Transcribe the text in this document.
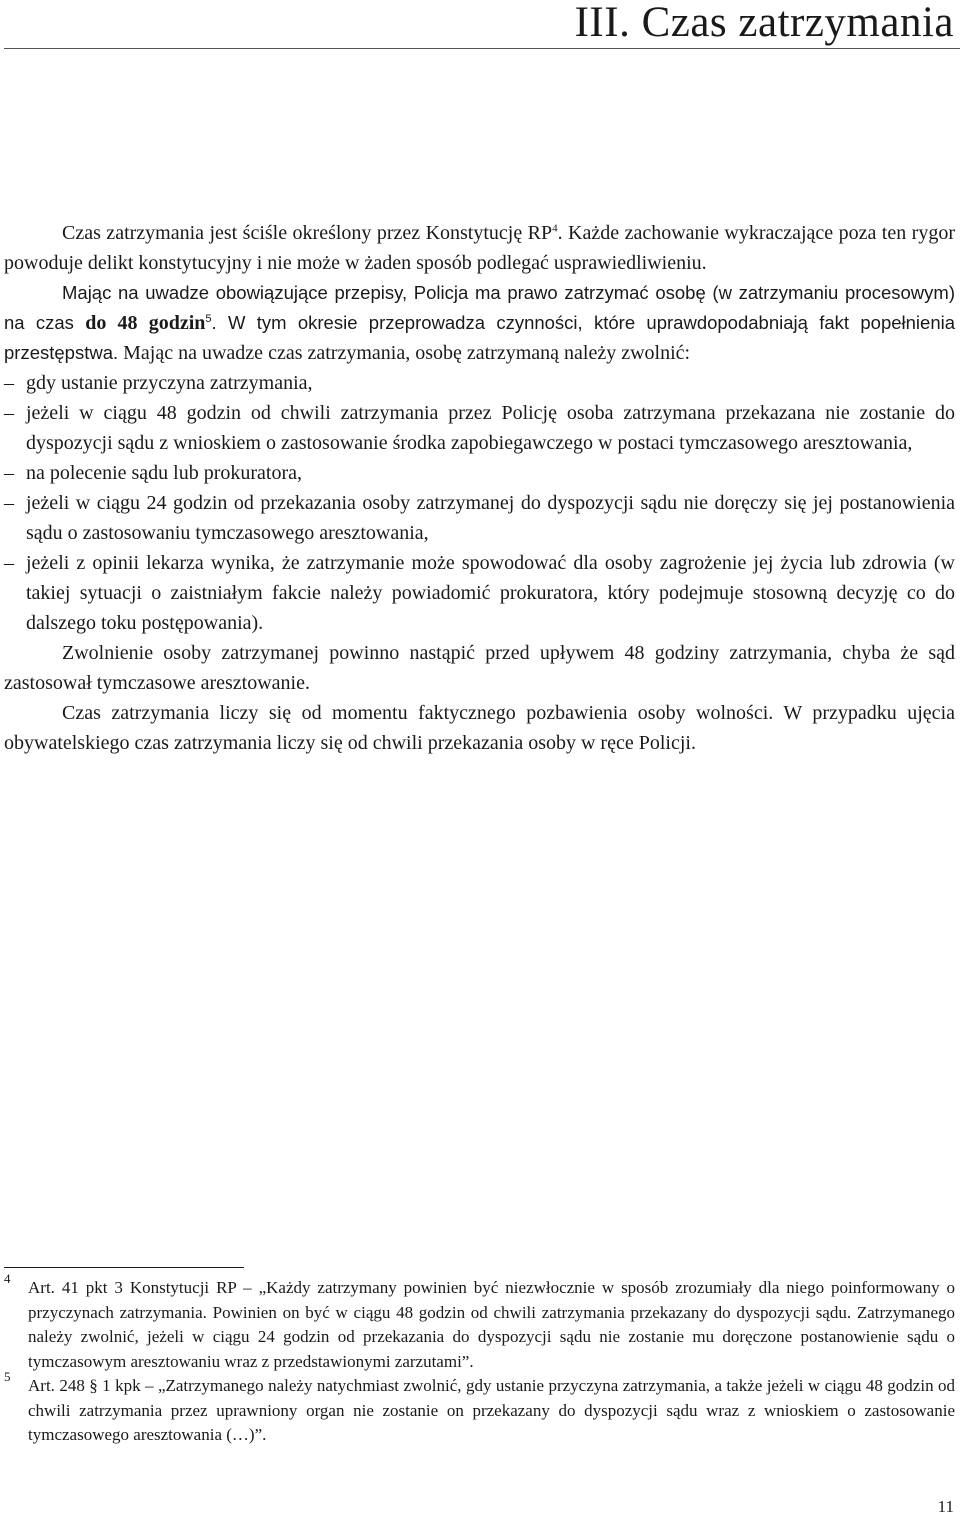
III. Czas zatrzymania

Czas zatrzymania jest ściśle określony przez Konstytucję $RP^4$. Każde zachowanie wykraczające poza ten rygor powoduje delikt konstytucyjny i nie może w żaden sposób podlegać usprawiedliwieniu.

Mając na uwadze obowiązujące przepisy, Policja ma prawo zatrzymać osobę (w zatrzymaniu procesowym) na czas do 48 godzin$^5$. W tym okresie przeprowadza czynności, które uprawdopodabniają fakt popełnienia przestępstwa. Mając na uwadze czas zatrzymania, osobę zatrzymaną należy zwolnić:

– gdy ustanie przyczyna zatrzymania,
– jeżeli w ciągu 48 godzin od chwili zatrzymania przez Policję osoba zatrzymana przekazana nie zostanie do dyspozycji sądu z wnioskiem o zastosowanie środka zapobiegawczego w postaci tymczasowego aresztowania,
– na polecenie sądu lub prokuratora,
– jeżeli w ciągu 24 godzin od przekazania osoby zatrzymanej do dyspozycji sądu nie doręczy się jej postanowienia sądu o zastosowaniu tymczasowego aresztowania,
– jeżeli z opinii lekarza wynika, że zatrzymanie może spowodować dla osoby zagrożenie jej życia lub zdrowia (w takiej sytuacji o zaistniałym fakcie należy powiadomić prokuratora, który podejmuje stosowną decyzję co do dalszego toku postępowania).

Zwolnienie osoby zatrzymanej powinno nastąpić przed upływem 48 godziny zatrzymania, chyba że sąd zastosował tymczasowe aresztowanie.

Czas zatrzymania liczy się od momentu faktycznego pozbawienia osoby wolności. W przypadku ujęcia obywatelskiego czas zatrzymania liczy się od chwili przekazania osoby w ręce Policji.

4 Art. 41 pkt 3 Konstytucji RP – „Każdy zatrzymany powinien być niezwłocznie w sposób zrozumiały dla niego poinformowany o przyczynach zatrzymania. Powinien on być w ciągu 48 godzin od chwili zatrzymania przekazany do dyspozycji sądu. Zatrzymanego należy zwolnić, jeżeli w ciągu 24 godzin od przekazania do dyspozycji sądu nie zostanie mu doręczone postanowienie sądu o tymczasowym aresztowaniu wraz z przedstawionymi zarzutami”.

5 Art. 248 § 1 kpk – „Zatrzymanego należy natychmiast zwolnić, gdy ustanie przyczyna zatrzymania, a także jeżeli w ciągu 48 godzin od chwili zatrzymania przez uprawniony organ nie zostanie on przekazany do dyspozycji sądu wraz z wnioskiem o zastosowanie tymczasowego aresztowania (…)”.

11
